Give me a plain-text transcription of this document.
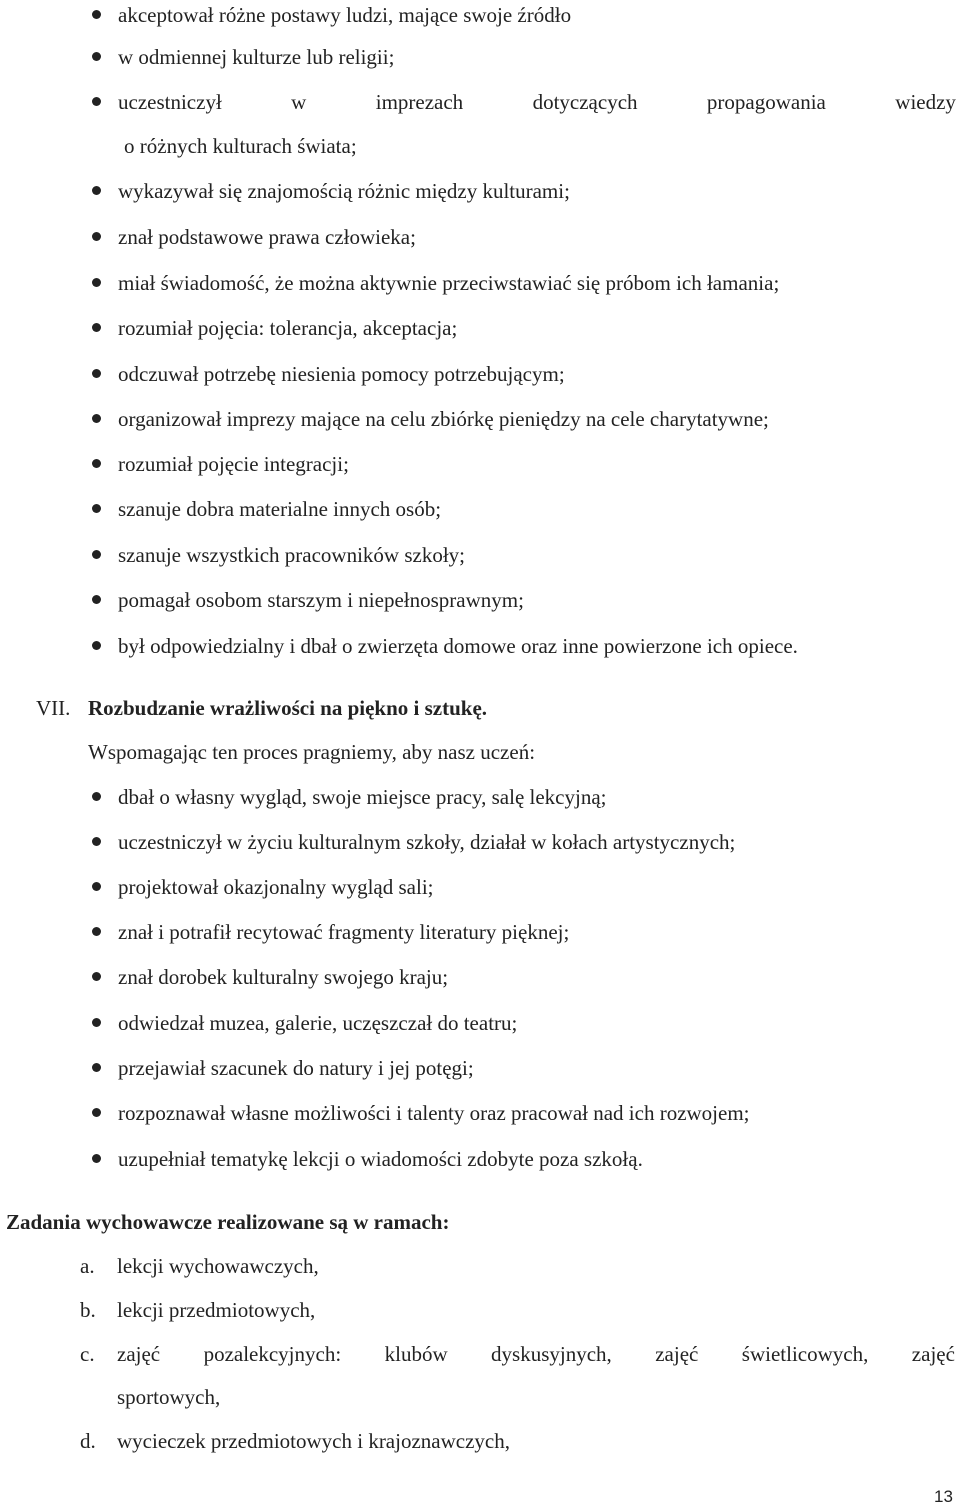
akceptował różne postawy ludzi, mające swoje źródło
w odmiennej kulturze lub religii;
uczestniczył	w	imprezach	dotyczących	propagowania	wiedzy
o różnych kulturach świata;
wykazywał się znajomością różnic między kulturami;
znał podstawowe prawa człowieka;
miał świadomość, że można aktywnie przeciwstawiać się próbom ich łamania;
rozumiał pojęcia: tolerancja, akceptacja;
odczuwał potrzebę niesienia pomocy potrzebującym;
organizował imprezy mające na celu zbiórkę pieniędzy na cele charytatywne;
rozumiał pojęcie integracji;
szanuje dobra materialne innych osób;
szanuje wszystkich pracowników szkoły;
pomagał osobom starszym i niepełnosprawnym;
był odpowiedzialny i dbał o zwierzęta domowe oraz inne powierzone ich opiece.
VII. Rozbudzanie wrażliwości na piękno i sztukę.
Wspomagając ten proces pragniemy, aby nasz uczeń:
dbał o własny wygląd, swoje miejsce pracy, salę lekcyjną;
uczestniczył w życiu kulturalnym szkoły, działał w kołach artystycznych;
projektował okazjonalny wygląd sali;
znał i potrafił recytować fragmenty literatury pięknej;
znał dorobek kulturalny swojego kraju;
odwiedzał muzea, galerie, uczęszczał do teatru;
przejawiał szacunek do natury i jej potęgi;
rozpoznawał własne możliwości i talenty oraz pracował nad ich rozwojem;
uzupełniał tematykę lekcji o wiadomości zdobyte poza szkołą.
Zadania wychowawcze realizowane są w ramach:
a. lekcji wychowawczych,
b. lekcji przedmiotowych,
c. zajęć pozalekcyjnych: klubów dyskusyjnych, zajęć świetlicowych, zajęć
sportowych,
d. wycieczek przedmiotowych i krajoznawczych,
13
